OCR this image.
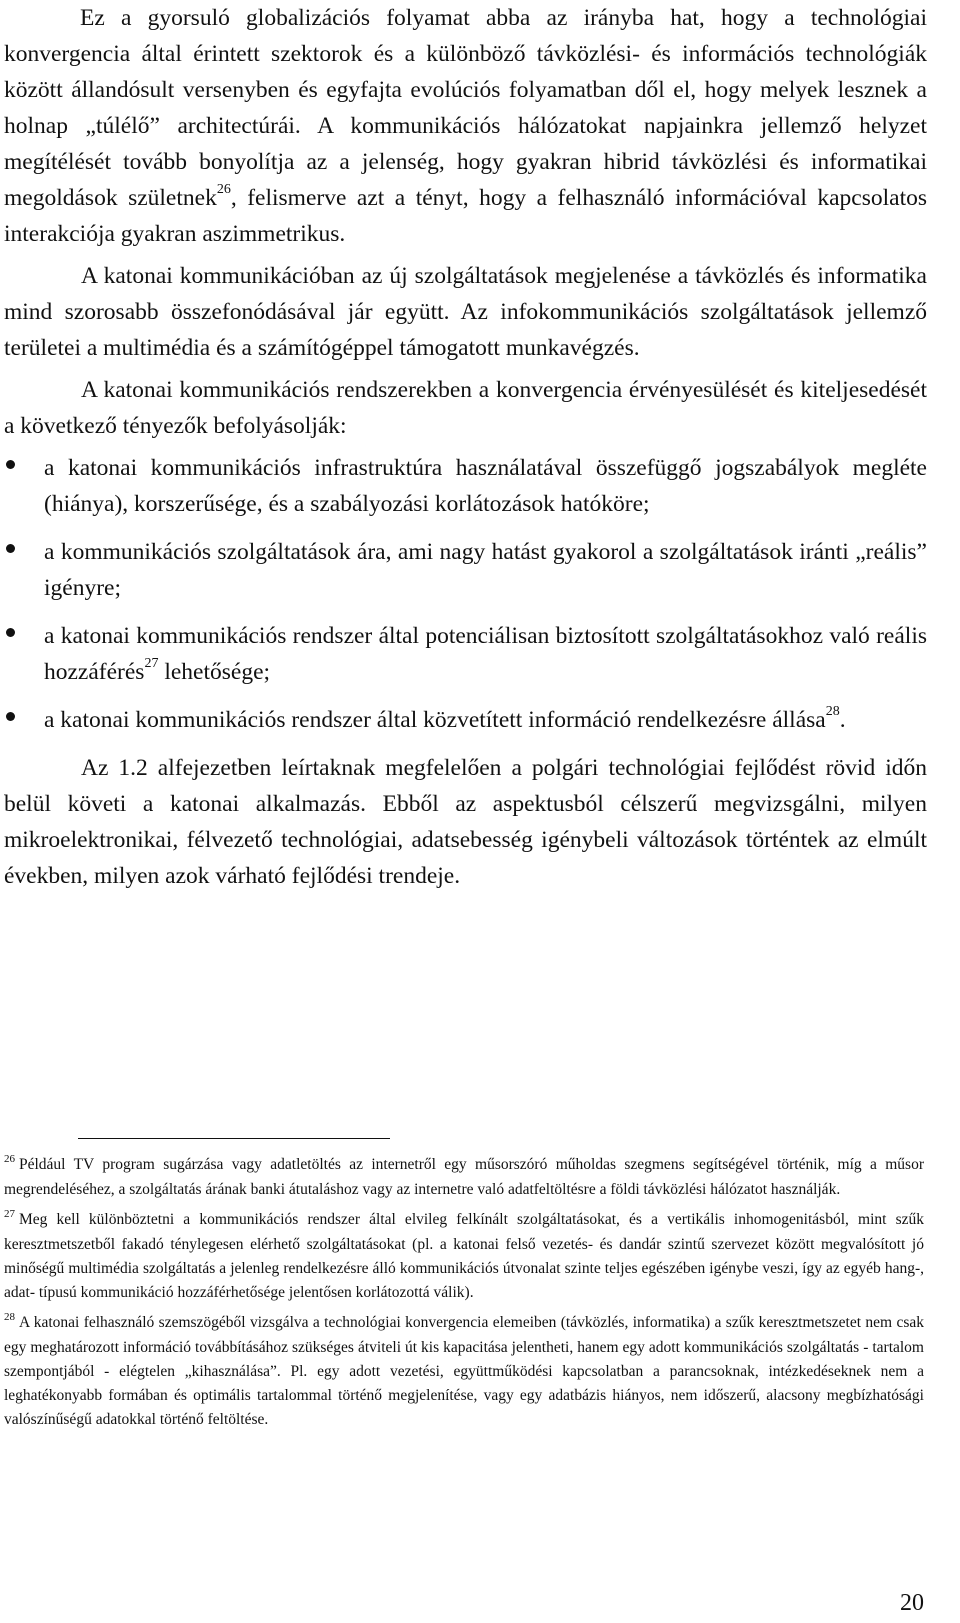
Ez a gyorsuló globalizációs folyamat abba az irányba hat, hogy a technológiai konvergencia által érintett szektorok és a különböző távközlési- és információs technológiák között állandósult versenyben és egyfajta evolúciós folyamatban dől el, hogy melyek lesznek a holnap „túlélő” architectúrái. A kommunikációs hálózatokat napjainkra jellemző helyzet megítélését tovább bonyolítja az a jelenség, hogy gyakran hibrid távközlési és informatikai megoldások születnek$^{26}$, felismerve azt a tényt, hogy a felhasználó információval kapcsolatos interakciója gyakran aszimmetrikus.

A katonai kommunikációban az új szolgáltatások megjelenése a távközlés és informatika mind szorosabb összefonódásával jár együtt. Az infokommunikációs szolgáltatások jellemző területei a multimédia és a számítógéppel támogatott munkavégzés.

A katonai kommunikációs rendszerekben a konvergencia érvényesülését és kiteljesedését a következő tényezők befolyásolják:

a katonai kommunikációs infrastruktúra használatával összefüggő jogszabályok megléte (hiánya), korszerűsége, és a szabályozási korlátozások hatóköre;
a kommunikációs szolgáltatások ára, ami nagy hatást gyakorol a szolgáltatások iránti „reális” igényre;
a katonai kommunikációs rendszer által potenciálisan biztosított szolgáltatásokhoz való reális hozzáférés$^{27}$ lehetősége;
a katonai kommunikációs rendszer által közvetített információ rendelkezésre állása$^{28}$.

Az 1.2 alfejezetben leírtaknak megfelelően a polgári technológiai fejlődést rövid időn belül követi a katonai alkalmazás. Ebből az aspektusból célszerű megvizsgálni, milyen mikroelektronikai, félvezető technológiai, adatsebesség igénybeli változások történtek az elmúlt években, milyen azok várható fejlődési trendeje.

$^{26}$ Például TV program sugárzása vagy adatletöltés az internetről egy műsorszóró műholdas szegmens segítségével történik, míg a műsor megrendeléséhez, a szolgáltatás árának banki átutaláshoz vagy az internetre való adatfeltöltésre a földi távközlési hálózatot használják.

$^{27}$ Meg kell különböztetni a kommunikációs rendszer által elvileg felkínált szolgáltatásokat, és a vertikális inhomogenitásból, mint szűk keresztmetszetből fakadó ténylegesen elérhető szolgáltatásokat (pl. a katonai felső vezetés- és dandár szintű szervezet között megvalósított jó minőségű multimédia szolgáltatás a jelenleg rendelkezésre álló kommunikációs útvonalat szinte teljes egészében igénybe veszi, így az egyéb hang-, adat- típusú kommunikáció hozzáférhetősége jelentősen korlátozottá válik).

$^{28}$ A katonai felhasználó szemszögéből vizsgálva a technológiai konvergencia elemeiben (távközlés, informatika) a szűk keresztmetszetet nem csak egy meghatározott információ továbbításához szükséges átviteli út kis kapacitása jelentheti, hanem egy adott kommunikációs szolgáltatás - tartalom szempontjából - elégtelen „kihasználása”. Pl. egy adott vezetési, együttműködési kapcsolatban a parancsoknak, intézkedéseknek nem a leghatékonyabb formában és optimális tartalommal történő megjelenítése, vagy egy adatbázis hiányos, nem időszerű, alacsony megbízhatósági valószínűségű adatokkal történő feltöltése.

20
